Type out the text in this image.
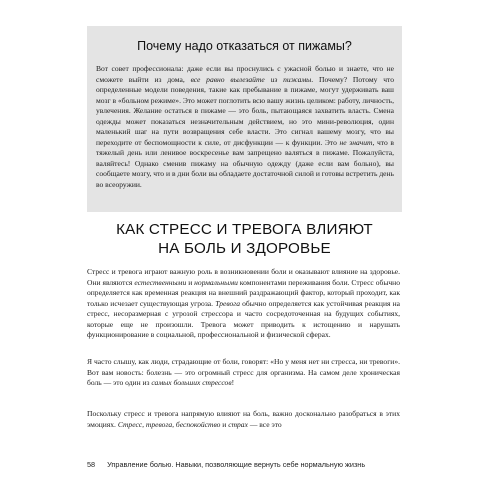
Почему надо отказаться от пижамы?

Вот совет профессионала: даже если вы проснулись с ужасной болью и знаете, что не сможете выйти из дома, все равно вылезайте из пижамы. Почему? Потому что определенные модели поведения, такие как пребывание в пижаме, могут удерживать ваш мозг в «больном режиме». Это может поглотить всю вашу жизнь целиком: работу, личность, увлечения. Желание остаться в пижаме — это боль, пытающаяся захватить власть. Смена одежды может показаться незначительным действием, но это мини-революция, один маленький шаг на пути возвращения себе власти. Это сигнал вашему мозгу, что вы переходите от беспомощности к силе, от дисфункции — к функции. Это не значит, что в тяжелый день или ленивое воскресенье вам запрещено валяться в пижаме. Пожалуйста, валяйтесь! Однако сменив пижаму на обычную одежду (даже если вам больно), вы сообщаете мозгу, что и в дни боли вы обладаете достаточной силой и готовы встретить день во всеоружии.

КАК СТРЕСС И ТРЕВОГА ВЛИЯЮТ
НА БОЛЬ И ЗДОРОВЬЕ

Стресс и тревога играют важную роль в возникновении боли и оказывают влияние на здоровье. Они являются естественными и нормальными компонентами переживания боли. Стресс обычно определяется как временная реакция на внешний раздражающий фактор, который проходит, как только исчезает существующая угроза. Тревога обычно определяется как устойчивая реакция на стресс, несоразмерная с угрозой стрессора и часто сосредоточенная на будущих событиях, которые еще не произошли. Тревога может приводить к истощению и нарушать функционирование в социальной, профессиональной и физической сферах.

Я часто слышу, как люди, страдающие от боли, говорят: «Но у меня нет ни стресса, ни тревоги». Вот вам новость: болезнь — это огромный стресс для организма. На самом деле хроническая боль — это один из самых больших стрессов!

Поскольку стресс и тревога напрямую влияют на боль, важно досконально разобраться в этих эмоциях. Стресс, тревога, беспокойство и страх — все это

58 Управление болью. Навыки, позволяющие вернуть себе нормальную жизнь
